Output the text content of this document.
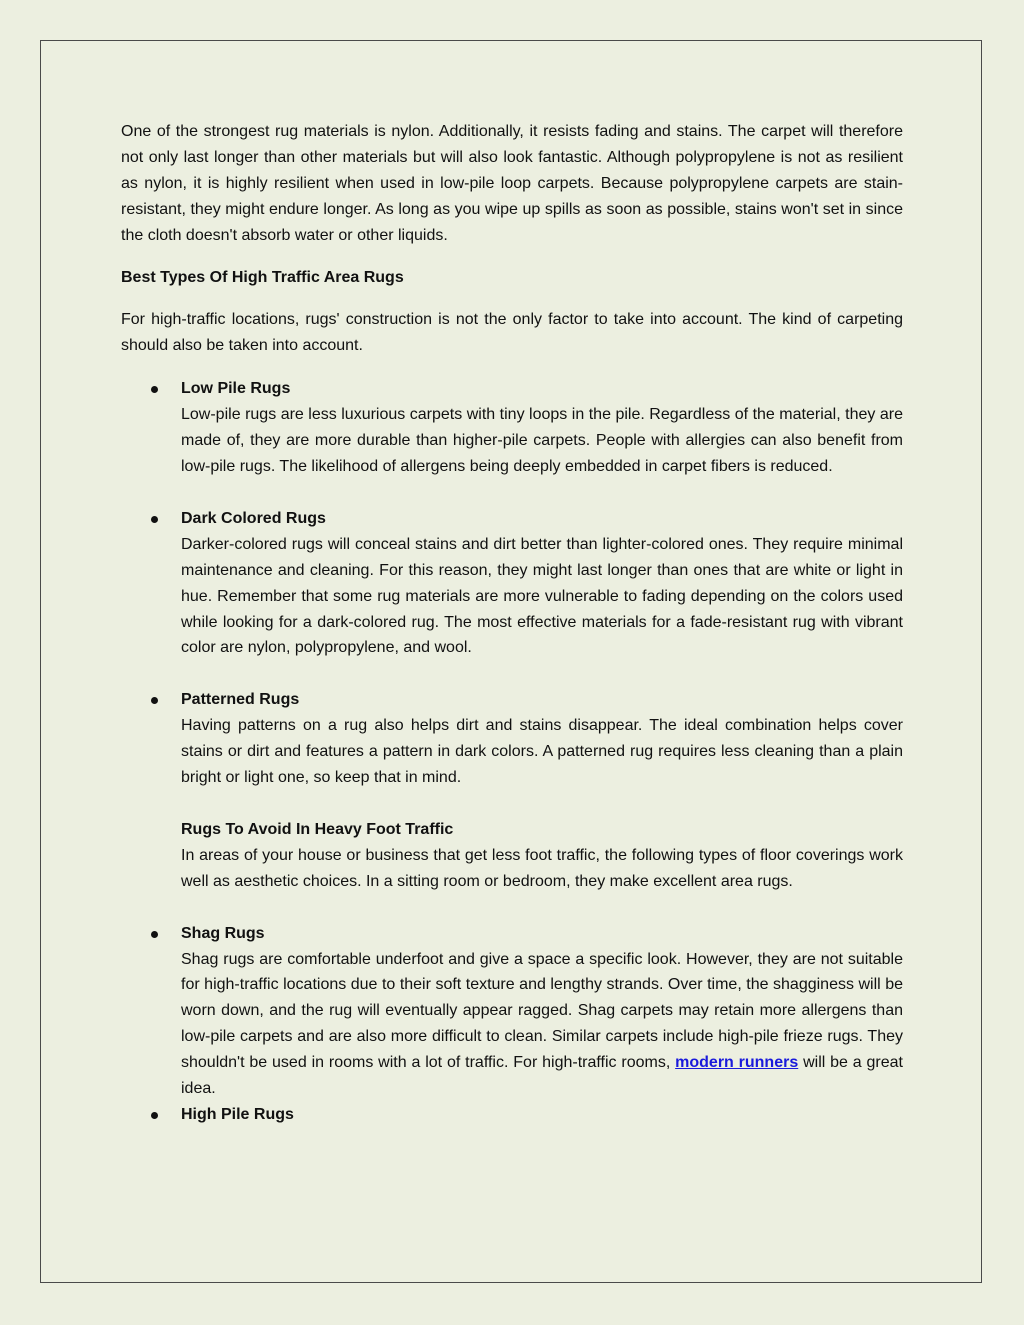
One of the strongest rug materials is nylon. Additionally, it resists fading and stains. The carpet will therefore not only last longer than other materials but will also look fantastic. Although polypropylene is not as resilient as nylon, it is highly resilient when used in low-pile loop carpets. Because polypropylene carpets are stain-resistant, they might endure longer. As long as you wipe up spills as soon as possible, stains won't set in since the cloth doesn't absorb water or other liquids.

Best Types Of High Traffic Area Rugs

For high-traffic locations, rugs' construction is not the only factor to take into account. The kind of carpeting should also be taken into account.

Low Pile Rugs
Low-pile rugs are less luxurious carpets with tiny loops in the pile. Regardless of the material, they are made of, they are more durable than higher-pile carpets. People with allergies can also benefit from low-pile rugs. The likelihood of allergens being deeply embedded in carpet fibers is reduced.
Dark Colored Rugs
Darker-colored rugs will conceal stains and dirt better than lighter-colored ones. They require minimal maintenance and cleaning. For this reason, they might last longer than ones that are white or light in hue. Remember that some rug materials are more vulnerable to fading depending on the colors used while looking for a dark-colored rug. The most effective materials for a fade-resistant rug with vibrant color are nylon, polypropylene, and wool.
Patterned Rugs
Having patterns on a rug also helps dirt and stains disappear. The ideal combination helps cover stains or dirt and features a pattern in dark colors. A patterned rug requires less cleaning than a plain bright or light one, so keep that in mind.
Rugs To Avoid In Heavy Foot Traffic
In areas of your house or business that get less foot traffic, the following types of floor coverings work well as aesthetic choices. In a sitting room or bedroom, they make excellent area rugs.
Shag Rugs
Shag rugs are comfortable underfoot and give a space a specific look. However, they are not suitable for high-traffic locations due to their soft texture and lengthy strands. Over time, the shagginess will be worn down, and the rug will eventually appear ragged. Shag carpets may retain more allergens than low-pile carpets and are also more difficult to clean. Similar carpets include high-pile frieze rugs. They shouldn't be used in rooms with a lot of traffic. For high-traffic rooms, modern runners will be a great idea.
High Pile Rugs
